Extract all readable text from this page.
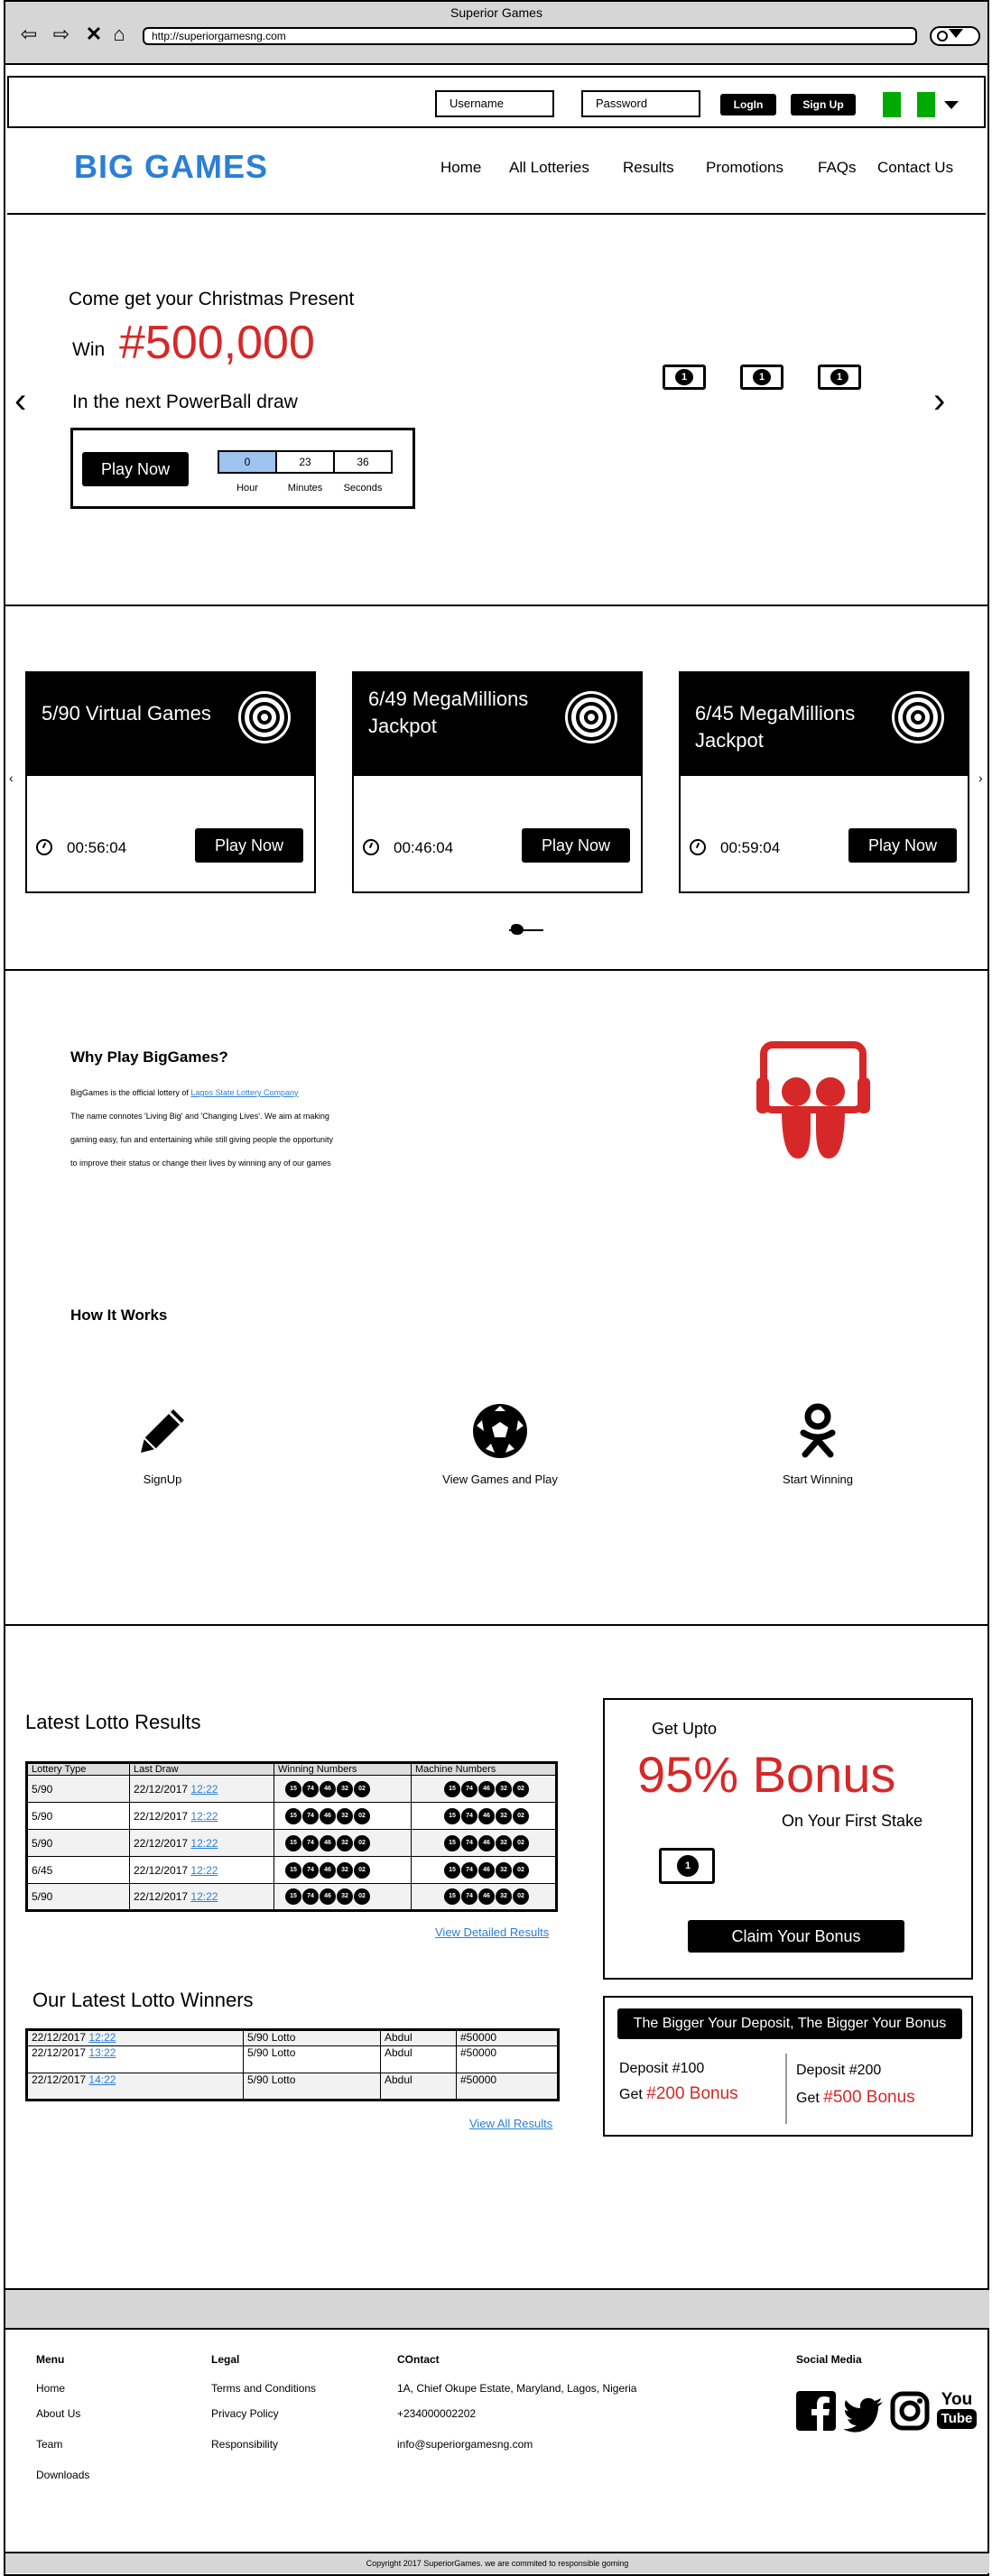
Superior Games
⇦ ⇨ ✕ ⌂	http://superiorgamesng.com
Username	Password	LogIn	Sign Up
BIG GAMES	Home All Lotteries Results Promotions FAQs Contact Us
‹	›
Come get your Christmas Present
Win #500,000
In the next PowerBall draw
Play Now	0	23	36
Hour	Minutes	Seconds
1	1	1
‹	›
5/90 Virtual Games
00:56:04	Play Now
6/49 MegaMillions Jackpot
00:46:04	Play Now
6/45 MegaMillions Jackpot
00:59:04	Play Now
Why Play BigGames?
BigGames is the official lottery of Lagos State Lottery Company
The name connotes 'Living Big' and 'Changing Lives'. We aim at making
gaming easy, fun and entertaining while still giving people the opportunity
to improve their status or change their lives by winning any of our games
How It Works
SignUp	View Games and Play	Start Winning
Latest Lotto Results
Lottery Type	Last Draw	Winning Numbers	Machine Numbers
5/90	22/12/2017 12:22	15 74 46 32 02	15 74 46 32 02

5/90	22/12/2017 12:22	15 74 46 32 02	15 74 46 32 02

5/90	22/12/2017 12:22	15 74 46 32 02	15 74 46 32 02

6/45	22/12/2017 12:22	15 74 46 32 02	15 74 46 32 02

5/90	22/12/2017 12:22	15 74 46 32 02	15 74 46 32 02
View Detailed Results
Our Latest Lotto Winners
22/12/2017 12:22	5/90 Lotto	Abdul	#50000
22/12/2017 13:22	5/90 Lotto	Abdul	#50000
22/12/2017 14:22	5/90 Lotto	Abdul	#50000
View All Results
Get Upto
95% Bonus
On Your First Stake
1
Claim Your Bonus
The Bigger Your Deposit, The Bigger Your Bonus
Deposit #100
Get #200 Bonus
Deposit #200
Get #500 Bonus
Menu
Home
About Us
Team
Downloads
Legal
Terms and Conditions
Privacy Policy
Responsibility
COntact
1A, Chief Okupe Estate, Maryland, Lagos, Nigeria
+234000002202
info@superiorgamesng.com
Social Media
You
Tube
Copyright 2017 SuperiorGames. we are commited to responsible goming
